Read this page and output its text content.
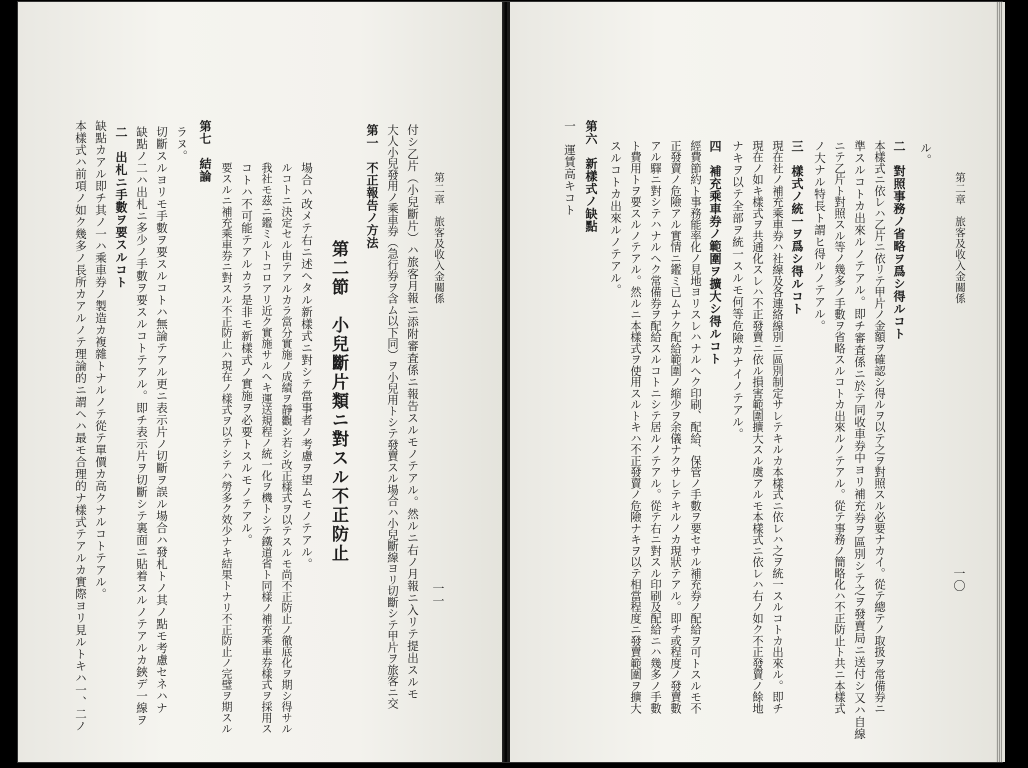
本樣式ハ前項ノ如ク幾多ノ長所カアルノテ理論的ニ謂ヘハ最モ合理的ナ樣式テアルカ實際ヨリ見ルトキハ一、二ノ 缺點カアル即チ其ノ一ハ乘車券ノ製造カ複雜トナルノテ從テ單價カ高クナルコトテアル。 二　出札ニ手數ヲ要スルコト 缺點ノ二ハ出札ニ多少ノ手數ヲ要スルコトテアル。即チ表示片ヲ切斷シテ裏面ニ貼着スルノテアルカ鋏デ一線ヲ 切斷スルヨリモ手數ヲ要スルコトハ無論テアル更ニ表示片ノ切斷ヲ誤ル場合ハ發札トノ其ノ點モ考慮セネハナ ラヌ。 第七　結論
要スルニ補充乘車券ニ對スル不正防止ハ現在ノ樣式ヲ以テシテハ勞多ク效少ナキ結果トナリ不正防止ノ完璧ヲ期スル コトハ不可能テアルカラ是非モ新樣式ノ實施ヲ必要トスルモノテアル。 我社モ茲ニ鑑ミルトコロアリ近ク實施サルヘキ運送規程ノ統一化ヲ機トシテ鐵道省ト同樣ノ補充乘車券樣式ヲ採用ス ルコトニ決定セル由テアルカラ當分實施ノ成績ヲ靜觀シ若シ改正樣式ヲ以テスルモ尚不正防止ノ徹底化ヲ期シ得サル 場合ハ改メテ右ニ述ヘタル新樣式ニ對シテ當事者ノ考慮ヲ望ムモノテアル。 第二節　小兒斷片類ニ對スル不正防止
第一　不正報告ノ方法 大人小兒發用ノ乘車券（急行券ヲ含ム以下同）ヲ小兒用トシテ發賣スル場合ハ小兒斷線ヨリ切斷シテ甲片ヲ旅客ニ交 付シ乙片（小兒斷片）ハ旅客月報ニ添附審査係ニ報告スルモノテアル。然ルニ右ノ月報ニ入リテ提出スルモ 第二章　旅客及收入金關係
一一
第二章　旅客及收入金關係
一〇
ル。
二　對照事務ノ省略ヲ爲シ得ルコト
本樣式ニ依レハ乙片ニ依リテ甲片ノ金額ヲ確認シ得ルヲ以テ之ヲ對照スル必要ナカイ。從テ總テノ取扱ヲ常備券ニ
準スルコトカ出來ルノテアル。即チ審査係ニ於テ同收車券中ヨリ補充券ヲ區別シテ之ヲ發賣局ニ送付シ又ハ自線
ニテ乙片ト對照スル等ノ幾多ノ手數ヲ省略スルコトカ出來ルノテアル。從テ事務ノ簡略化ハ不正防止ト共ニ本樣式
ノ大ナル特長ト謂ヒ得ルノテアル。
三　樣式ノ統一ヲ爲シ得ルコト
現在社ノ補充乘車券ハ社線及各連絡線別ニ區別制定サレテキルカ本樣式ニ依レハ之ヲ統一スルコトカ出來ル。即チ
現在ノ如キ樣式ヲ共通化スレハ不正發賣ニ依ル損害範圍擴大スル虞アルモ本樣式ニ依レハ右ノ如ク不正發賣ノ餘地
ナキヲ以テ全部ヲ統一スルモ何等危險カナイノテアル。
四　補充乘車券ノ範圍ヲ擴大シ得ルコト
經費節約ト事務能率化ノ見地ヨリスレハナルヘク印刷、配給、保管ノ手數ヲ要セサル補充券ノ配給ヲ可トスルモ不
正發賣ノ危險アル實情ニ鑑ミ已ムナク配給範圍ノ縮少ヲ余儀ナクサレテキルノカ現狀テアル。即チ或程度ノ發賣數
アル驛ニ對シテハナルヘク常備券ヲ配給スルコトニシテ居ルノテアル。從テ右ニ對スル印刷及配給ニハ幾多ノ手數
ト費用トヲ要スルノテアル。然ルニ本樣式ヲ使用スルトキハ不正發賣ノ危險ナキヲ以テ相當程度ニ發賣範圍ヲ擴大
スルコトカ出來ルノテアル。
第六　新樣式ノ缺點
一　運賃高キコト
